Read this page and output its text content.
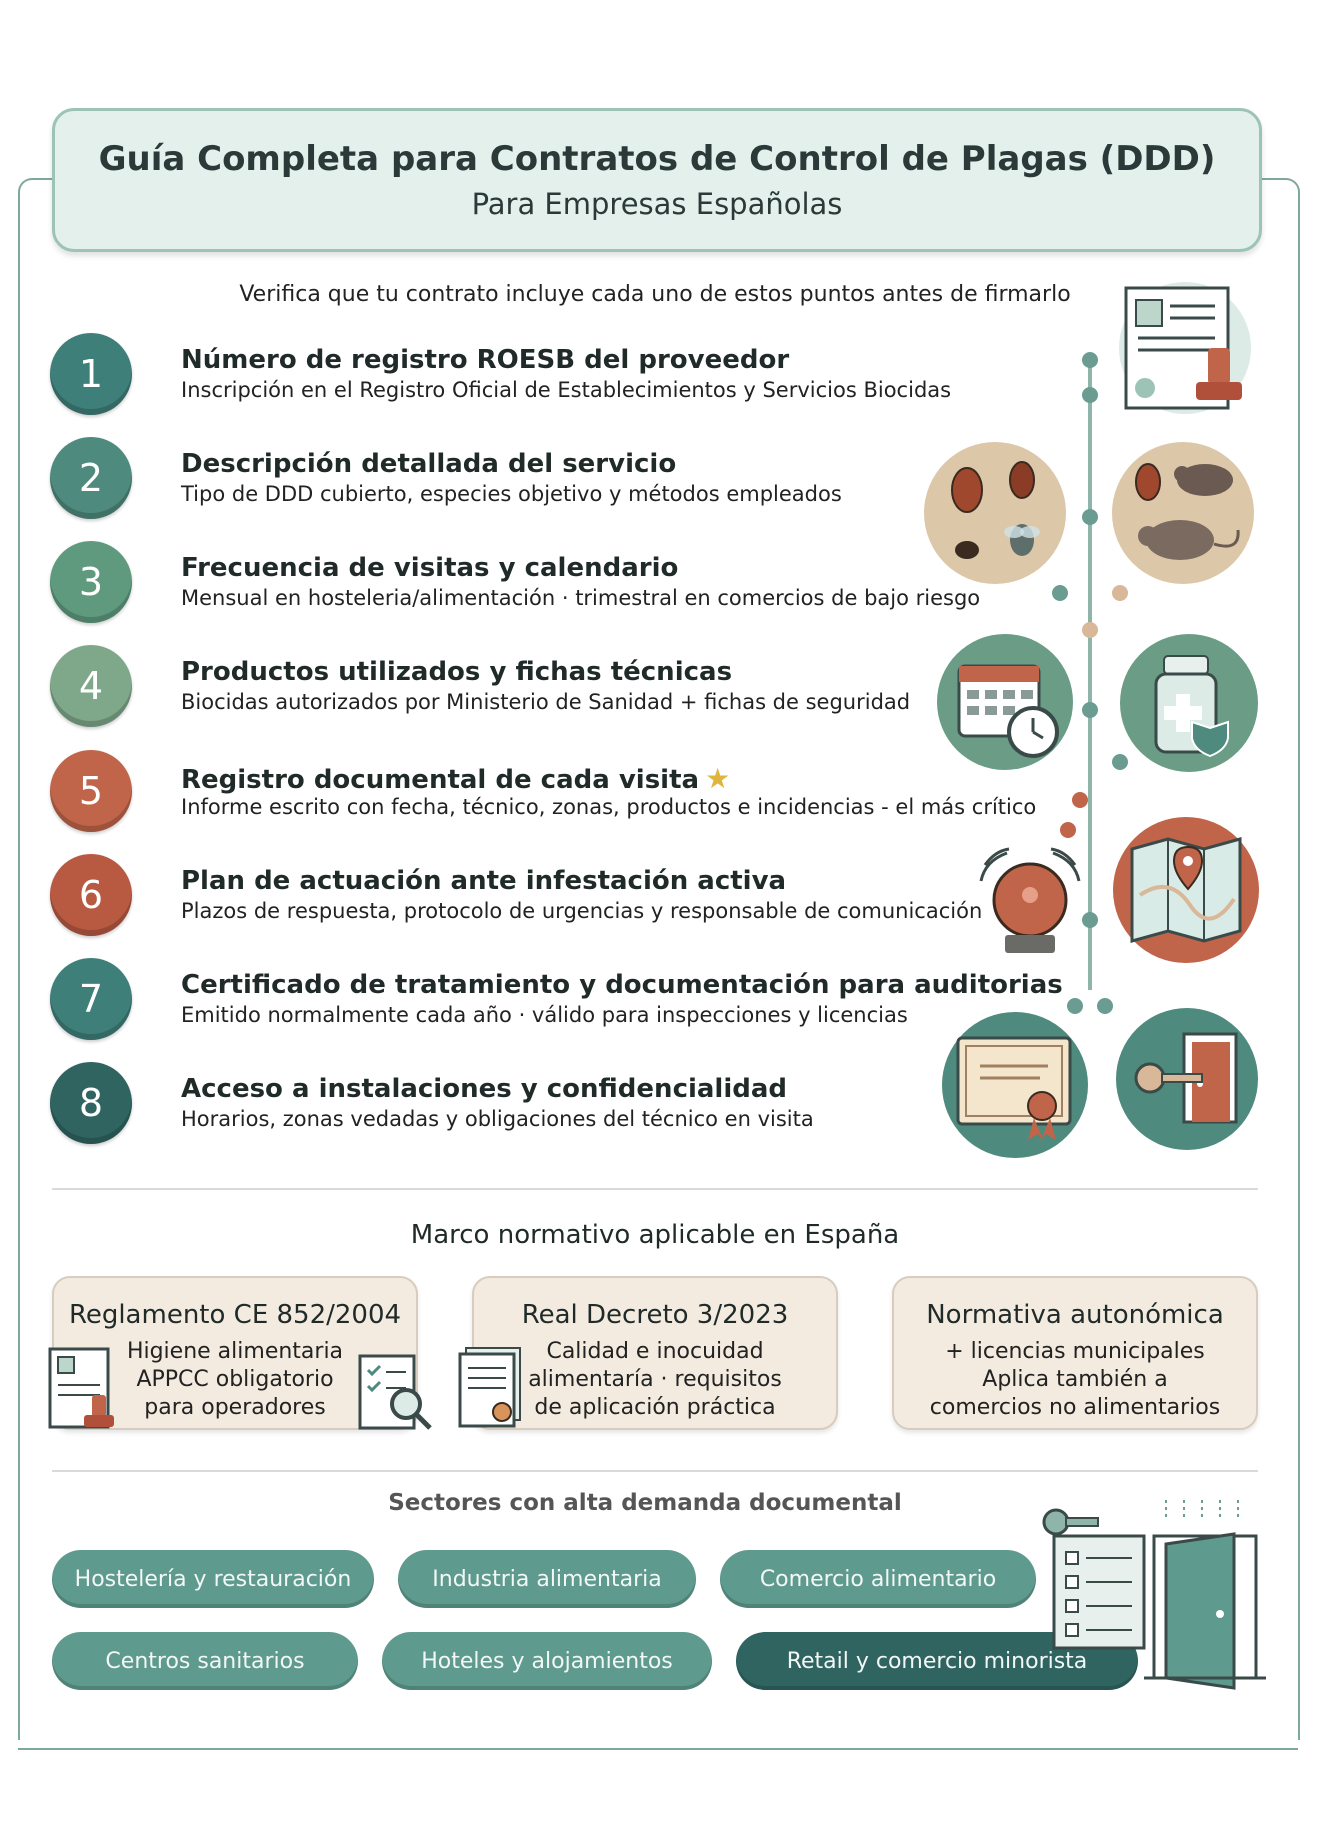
Guía Completa para Contratos de Control de Plagas (DDD)
Para Empresas Españolas
Verifica que tu contrato incluye cada uno de estos puntos antes de firmarlo
1	Número de registro ROESB del proveedor
Inscripción en el Registro Oficial de Establecimientos y Servicios Biocidas
2	Descripción detallada del servicio
Tipo de DDD cubierto, especies objetivo y métodos empleados
3	Frecuencia de visitas y calendario
Mensual en hosteleria/alimentación · trimestral en comercios de bajo riesgo
4	Productos utilizados y fichas técnicas
Biocidas autorizados por Ministerio de Sanidad + fichas de seguridad
5	Registro documental de cada visita ★
Informe escrito con fecha, técnico, zonas, productos e incidencias - el más crítico
6	Plan de actuación ante infestación activa
Plazos de respuesta, protocolo de urgencias y responsable de comunicación
7	Certificado de tratamiento y documentación para auditorias
Emitido normalmente cada año · válido para inspecciones y licencias
8	Acceso a instalaciones y confidencialidad
Horarios, zonas vedadas y obligaciones del técnico en visita
Marco normativo aplicable en España
Reglamento CE 852/2004
Higiene alimentaria
APPCC obligatorio
para operadores
Real Decreto 3/2023
Calidad e inocuidad
alimentaría · requisitos
de aplicación práctica
Normativa autonómica
+ licencias municipales
Aplica también a
comercios no alimentarios
Sectores con alta demanda documental
Hostelería y restauración	Industria alimentaria	Comercio alimentario
Centros sanitarios	Hoteles y alojamientos	Retail y comercio minorista
